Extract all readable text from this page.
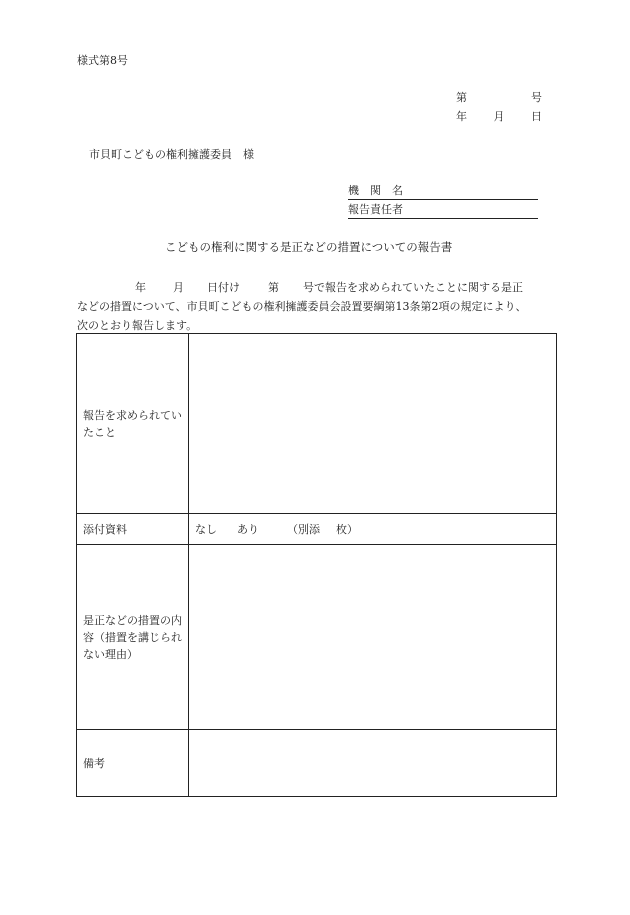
様式第8号
第	号
年 月 日
市貝町こどもの権利擁護委員　様
機　関　名
報告責任者
こどもの権利に関する是正などの措置についての報告書
年 月 日付け	第 号で報告を求められていたことに関する是正
などの措置について、市貝町こどもの権利擁護委員会設置要綱第13条第2項の規定により、
次のとおり報告します。
報告を求められていたこと	
添付資料	なし あり （別添 枚）
是正などの措置の内容（措置を講じられない理由）	
備考	
